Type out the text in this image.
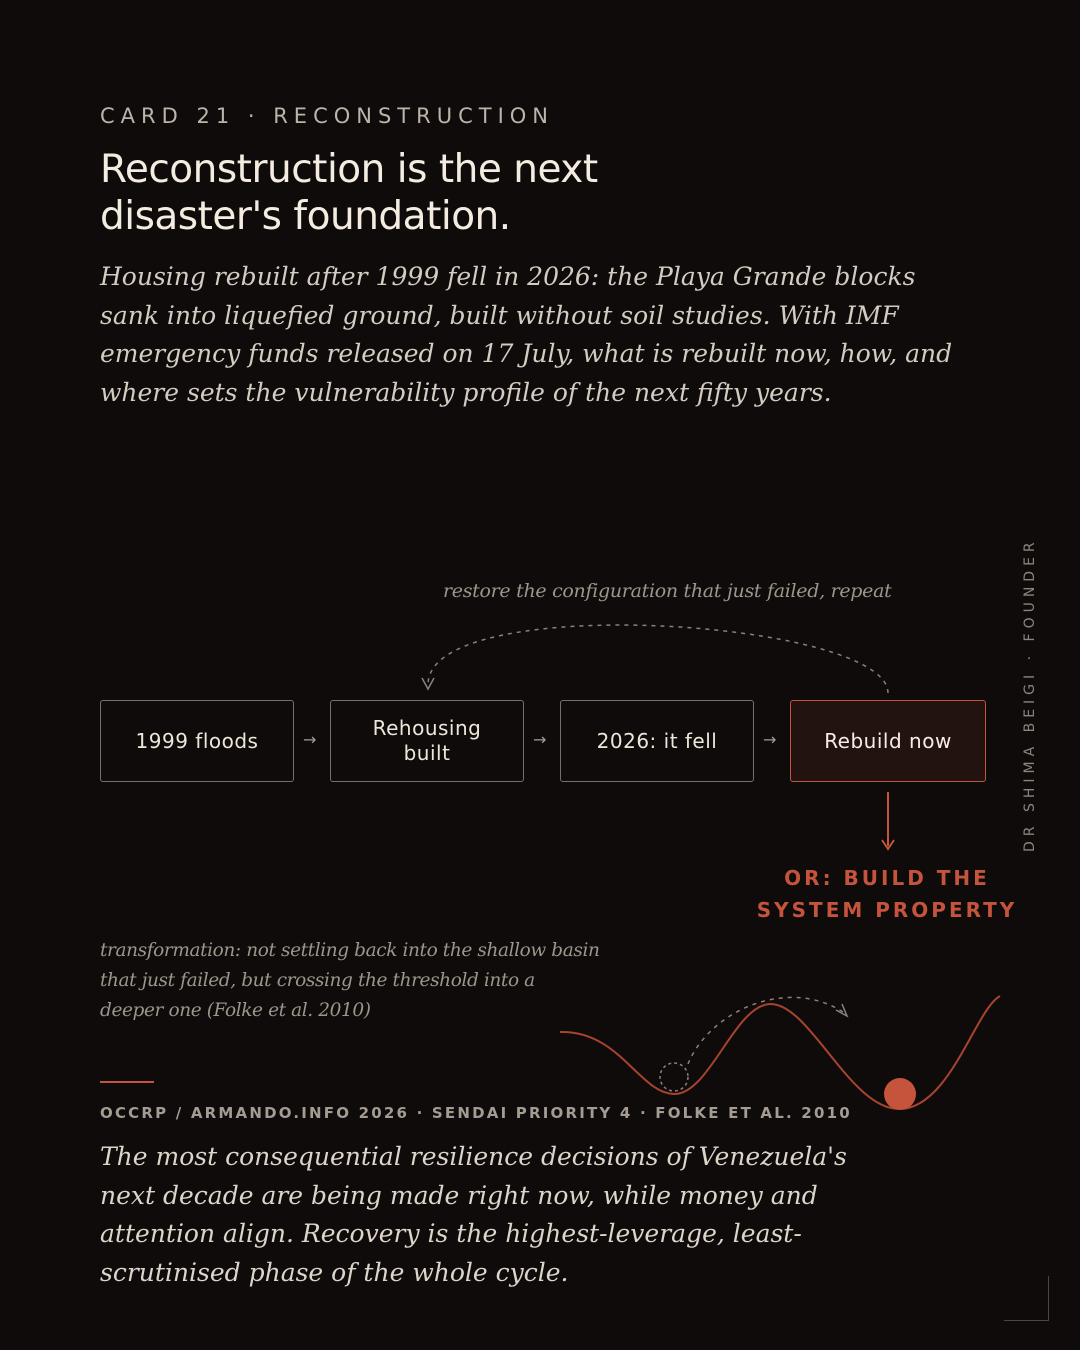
CARD 21 · RECONSTRUCTION
Reconstruction is the next disaster's foundation.

Housing rebuilt after 1999 fell in 2026: the Playa Grande blocks sank into liquefied ground, built without soil studies. With IMF emergency funds released on 17 July, what is rebuilt now, how, and where sets the vulnerability profile of the next fifty years.

DR SHIMA BEIGI · FOUNDER
restore the configuration that just failed, repeat
1999 floods	→	Rehousing built
→	2026: it fell	→	Rebuild now
OR: BUILD THE SYSTEM PROPERTY

transformation: not settling back into the shallow basin that just failed, but crossing the threshold into a deeper one (Folke et al. 2010)

OCCRP / ARMANDO.INFO 2026 · SENDAI PRIORITY 4 · FOLKE ET AL. 2010

The most consequential resilience decisions of Venezuela's next decade are being made right now, while money and attention align. Recovery is the highest-leverage, least-scrutinised phase of the whole cycle.
